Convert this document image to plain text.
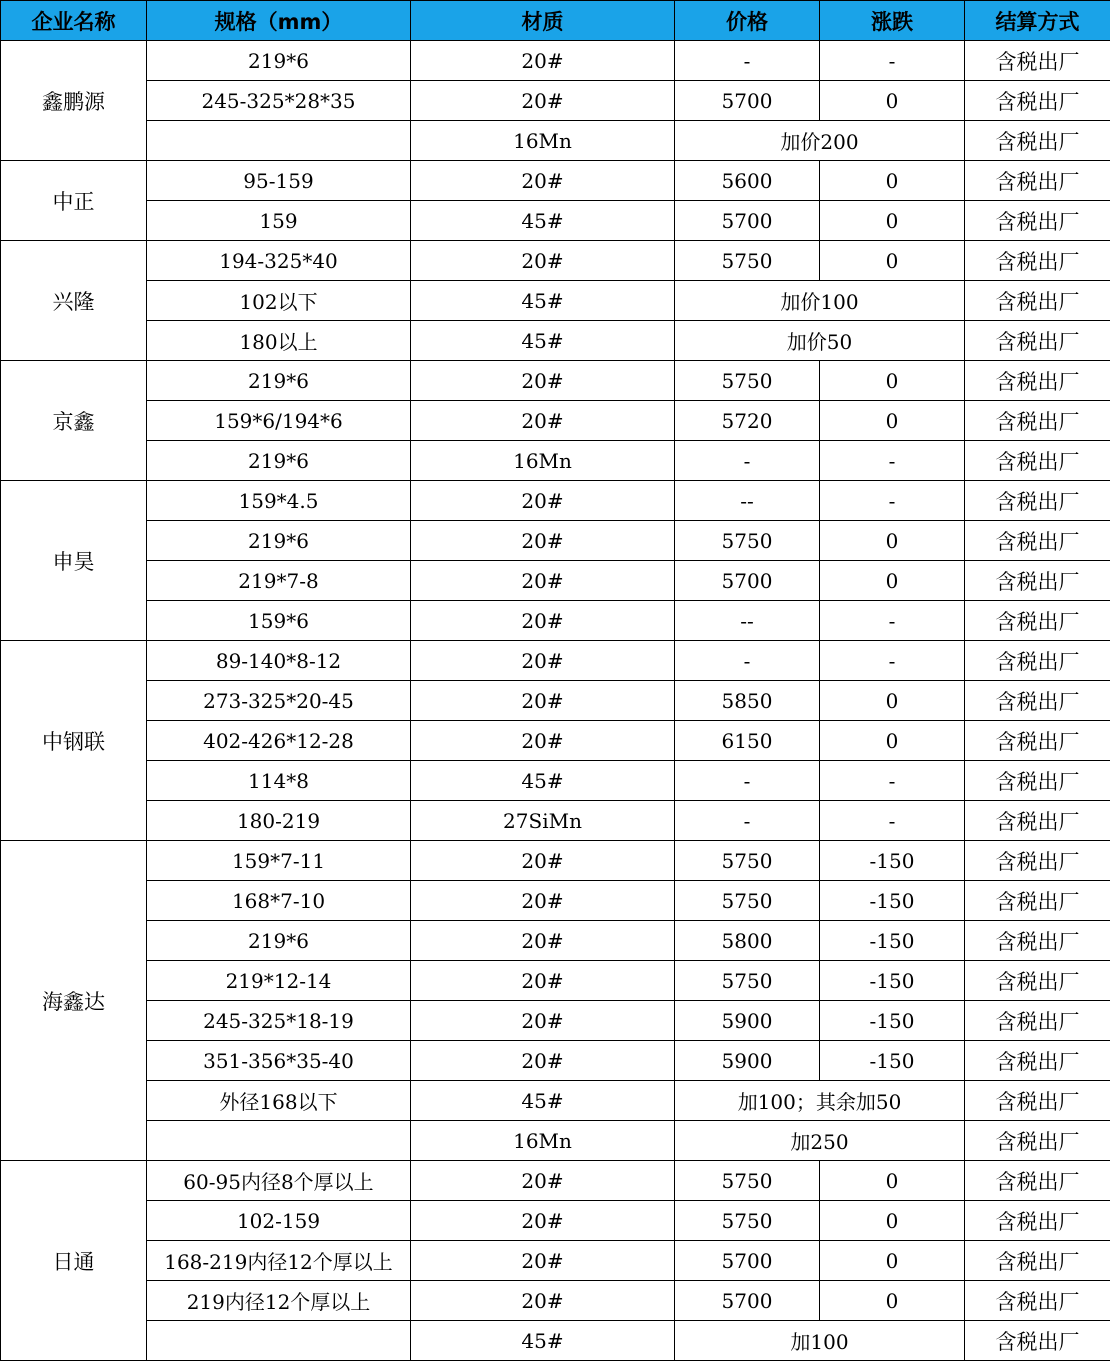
企业名称	规格（mm）	材质	价格	涨跌	结算方式
鑫鹏源	219*6	20#	-	-	含税出厂
	245-325*28*35	20#	5700	0	含税出厂
		16Mn	加价200		含税出厂
中正	95-159	20#	5600	0	含税出厂
	159	45#	5700	0	含税出厂
兴隆	194-325*40	20#	5750	0	含税出厂
	102以下	45#	加价100		含税出厂
	180以上	45#	加价50		含税出厂
京鑫	219*6	20#	5750	0	含税出厂
	159*6/194*6	20#	5720	0	含税出厂
	219*6	16Mn	-	-	含税出厂
申昊	159*4.5	20#	--	-	含税出厂
	219*6	20#	5750	0	含税出厂
	219*7-8	20#	5700	0	含税出厂
	159*6	20#	--	-	含税出厂
中钢联	89-140*8-12	20#	-	-	含税出厂
	273-325*20-45	20#	5850	0	含税出厂
	402-426*12-28	20#	6150	0	含税出厂
	114*8	45#	-	-	含税出厂
	180-219	27SiMn	-	-	含税出厂
海鑫达	159*7-11	20#	5750	-150	含税出厂
	168*7-10	20#	5750	-150	含税出厂
	219*6	20#	5800	-150	含税出厂
	219*12-14	20#	5750	-150	含税出厂
	245-325*18-19	20#	5900	-150	含税出厂
	351-356*35-40	20#	5900	-150	含税出厂
	外径168以下	45#	加100；其余加50		含税出厂
		16Mn	加250		含税出厂
日通	60-95内径8个厚以上	20#	5750	0	含税出厂
	102-159	20#	5750	0	含税出厂
	168-219内径12个厚以上	20#	5700	0	含税出厂
	219内径12个厚以上	20#	5700	0	含税出厂
		45#	加100		含税出厂
